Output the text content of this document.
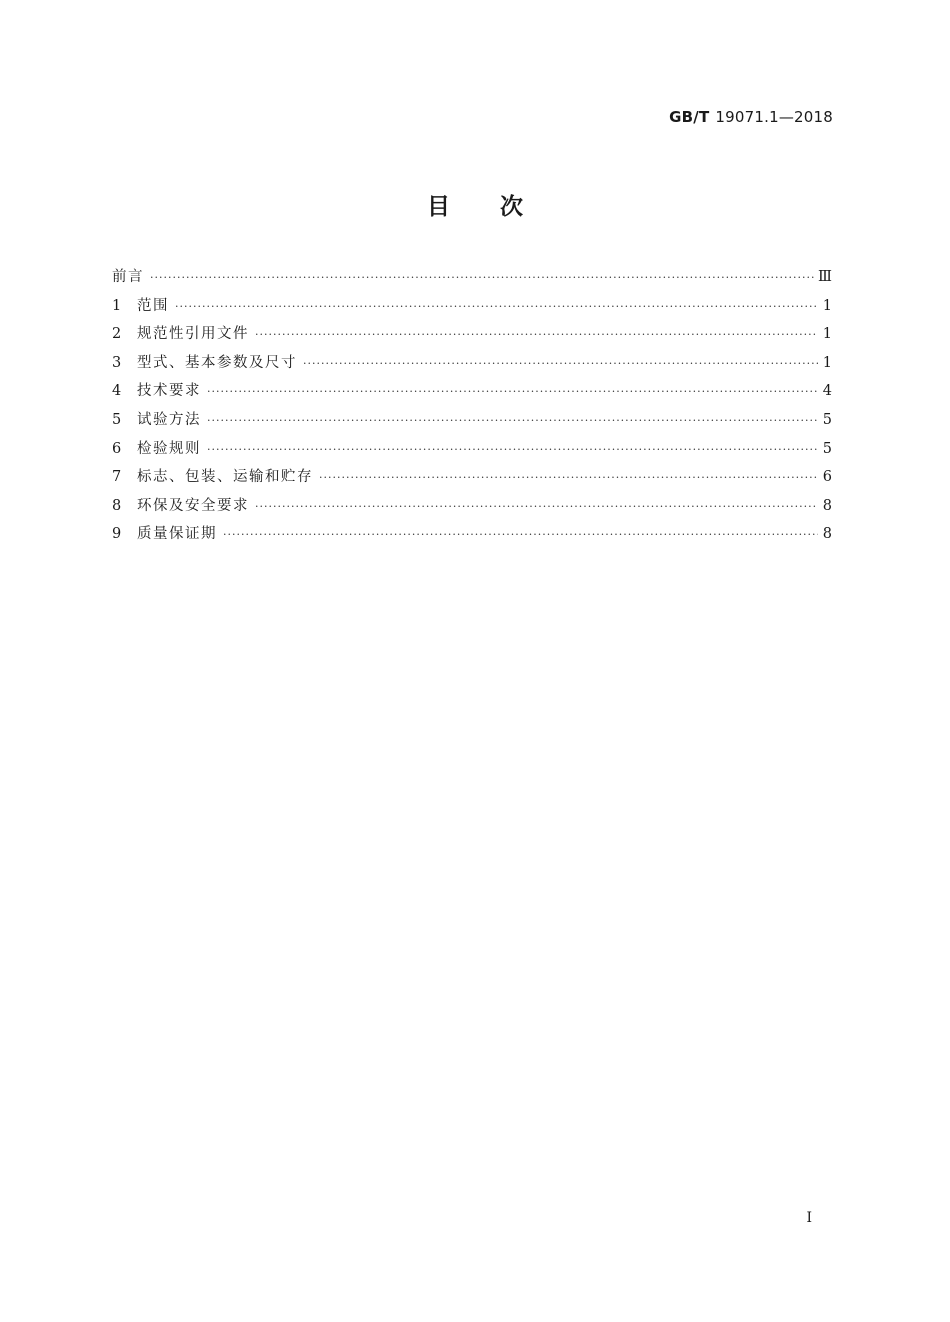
GB/T 19071.1—2018
目次
前言 ·····	Ⅲ
1	范围 ·····	1
2	规范性引用文件 ·····	1
3	型式、基本参数及尺寸 ·····	1
4	技术要求 ·····	4
5	试验方法 ·····	5
6	检验规则 ·····	5
7	标志、包装、运输和贮存 ·····	6
8	环保及安全要求 ·····	8
9	质量保证期 ·····	8
I
